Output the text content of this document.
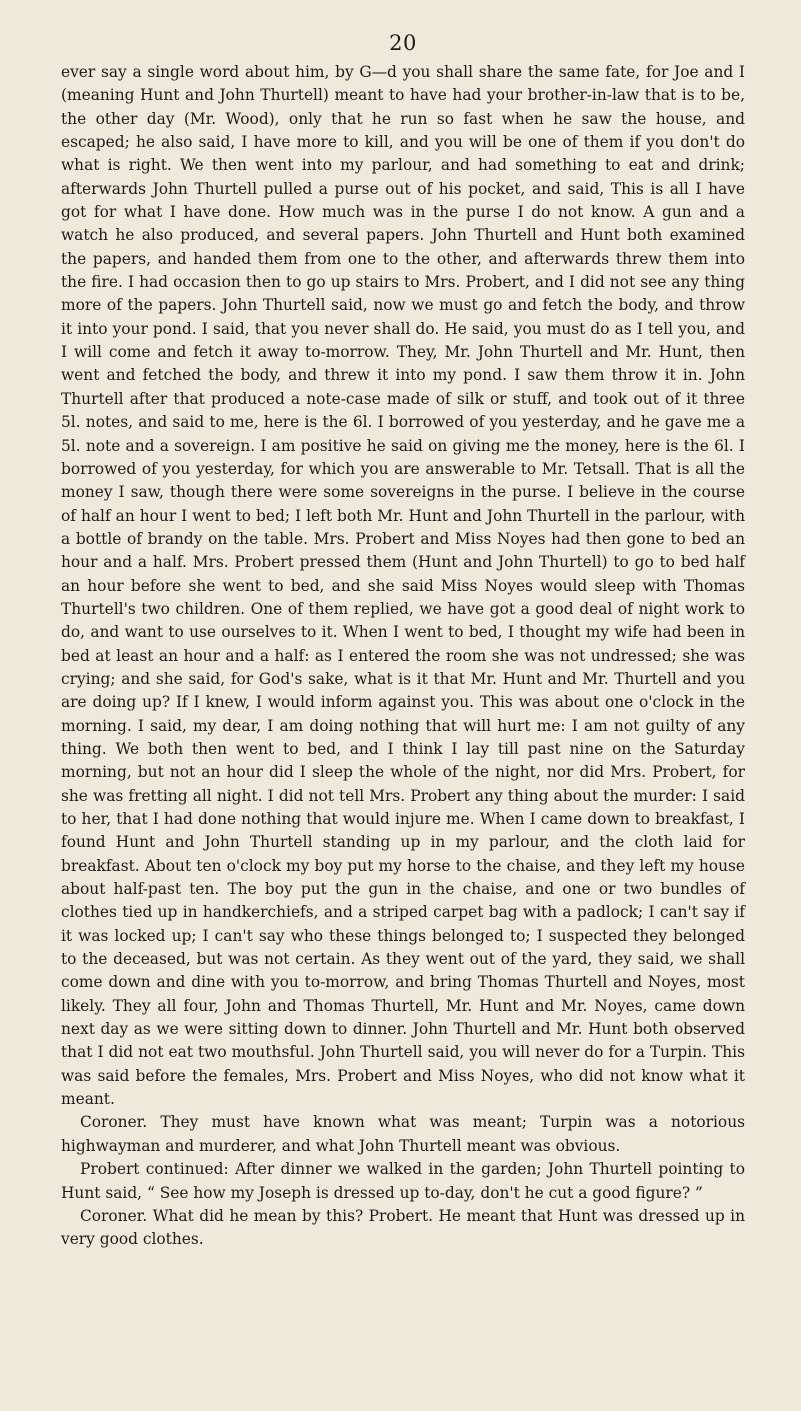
20

ever say a single word about him, by G—d you shall share the same fate, for Joe and I (meaning Hunt and John Thurtell) meant to have had your brother-in-law that is to be, the other day (Mr. Wood), only that he run so fast when he saw the house, and escaped; he also said, I have more to kill, and you will be one of them if you don't do what is right. We then went into my parlour, and had something to eat and drink; afterwards John Thurtell pulled a purse out of his pocket, and said, This is all I have got for what I have done. How much was in the purse I do not know. A gun and a watch he also produced, and several papers. John Thurtell and Hunt both examined the papers, and handed them from one to the other, and afterwards threw them into the fire. I had occasion then to go up stairs to Mrs. Probert, and I did not see any thing more of the papers. John Thurtell said, now we must go and fetch the body, and throw it into your pond. I said, that you never shall do. He said, you must do as I tell you, and I will come and fetch it away to-morrow. They, Mr. John Thurtell and Mr. Hunt, then went and fetched the body, and threw it into my pond. I saw them throw it in. John Thurtell after that produced a note-case made of silk or stuff, and took out of it three 5l. notes, and said to me, here is the 6l. I borrowed of you yesterday, and he gave me a 5l. note and a sovereign. I am positive he said on giving me the money, here is the 6l. I borrowed of you yesterday, for which you are answerable to Mr. Tetsall. That is all the money I saw, though there were some sovereigns in the purse. I believe in the course of half an hour I went to bed; I left both Mr. Hunt and John Thurtell in the parlour, with a bottle of brandy on the table. Mrs. Probert and Miss Noyes had then gone to bed an hour and a half. Mrs. Probert pressed them (Hunt and John Thurtell) to go to bed half an hour before she went to bed, and she said Miss Noyes would sleep with Thomas Thurtell's two children. One of them replied, we have got a good deal of night work to do, and want to use ourselves to it. When I went to bed, I thought my wife had been in bed at least an hour and a half: as I entered the room she was not undressed; she was crying; and she said, for God's sake, what is it that Mr. Hunt and Mr. Thurtell and you are doing up? If I knew, I would inform against you. This was about one o'clock in the morning. I said, my dear, I am doing nothing that will hurt me: I am not guilty of any thing. We both then went to bed, and I think I lay till past nine on the Saturday morning, but not an hour did I sleep the whole of the night, nor did Mrs. Probert, for she was fretting all night. I did not tell Mrs. Probert any thing about the murder: I said to her, that I had done nothing that would injure me. When I came down to breakfast, I found Hunt and John Thurtell standing up in my parlour, and the cloth laid for breakfast. About ten o'clock my boy put my horse to the chaise, and they left my house about half-past ten. The boy put the gun in the chaise, and one or two bundles of clothes tied up in handkerchiefs, and a striped carpet bag with a padlock; I can't say if it was locked up; I can't say who these things belonged to; I suspected they belonged to the deceased, but was not certain. As they went out of the yard, they said, we shall come down and dine with you to-morrow, and bring Thomas Thurtell and Noyes, most likely. They all four, John and Thomas Thurtell, Mr. Hunt and Mr. Noyes, came down next day as we were sitting down to dinner. John Thurtell and Mr. Hunt both observed that I did not eat two mouthsful. John Thurtell said, you will never do for a Turpin. This was said before the females, Mrs. Probert and Miss Noyes, who did not know what it meant.

Coroner. They must have known what was meant; Turpin was a notorious highwayman and murderer, and what John Thurtell meant was obvious.

Probert continued: After dinner we walked in the garden; John Thurtell pointing to Hunt said, “ See how my Joseph is dressed up to-day, don't he cut a good figure? ”

Coroner. What did he mean by this? Probert. He meant that Hunt was dressed up in very good clothes.
